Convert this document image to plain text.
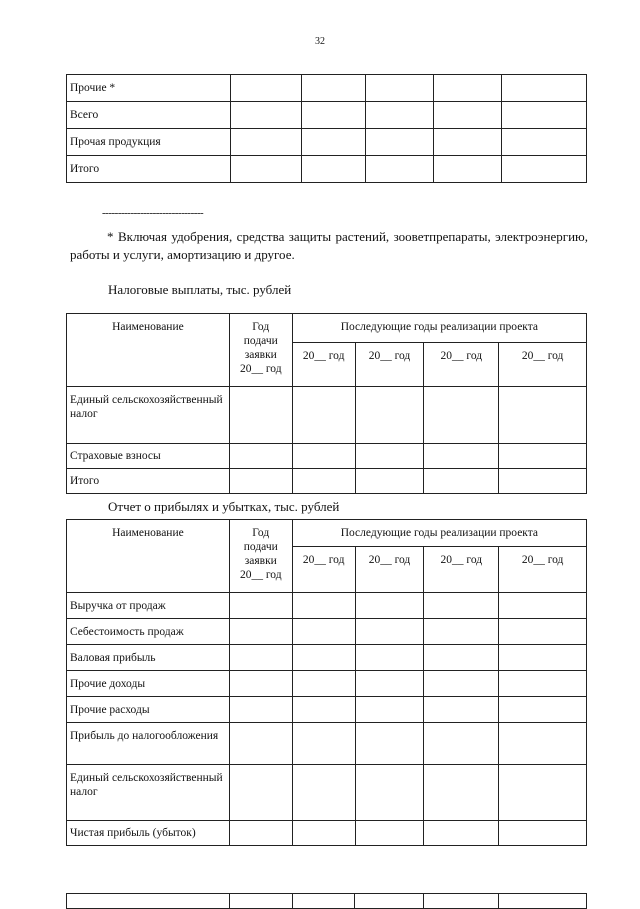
32
Прочие *					
Всего					
Прочая продукция					
Итого					
--------------------------------
* Включая удобрения, средства защиты растений, зооветпрепараты, электроэнергию, работы и услуги, амортизацию и другое.
Налоговые выплаты, тыс. рублей
Наименование	Год
подачи
заявки
20__ год	Последующие годы реализации проекта			
		20__ год	20__ год	20__ год	20__ год
Единый сельскохозяйственный налог					
Страховые взносы					
Итого					
Отчет о прибылях и убытках, тыс. рублей
Наименование	Год
подачи
заявки
20__ год	Последующие годы реализации проекта			
		20__ год	20__ год	20__ год	20__ год
Выручка от продаж					
Себестоимость продаж					
Валовая прибыль					
Прочие доходы					
Прочие расходы					
Прибыль до налогообложения					
Единый сельскохозяйственный налог					
Чистая прибыль (убыток)					
